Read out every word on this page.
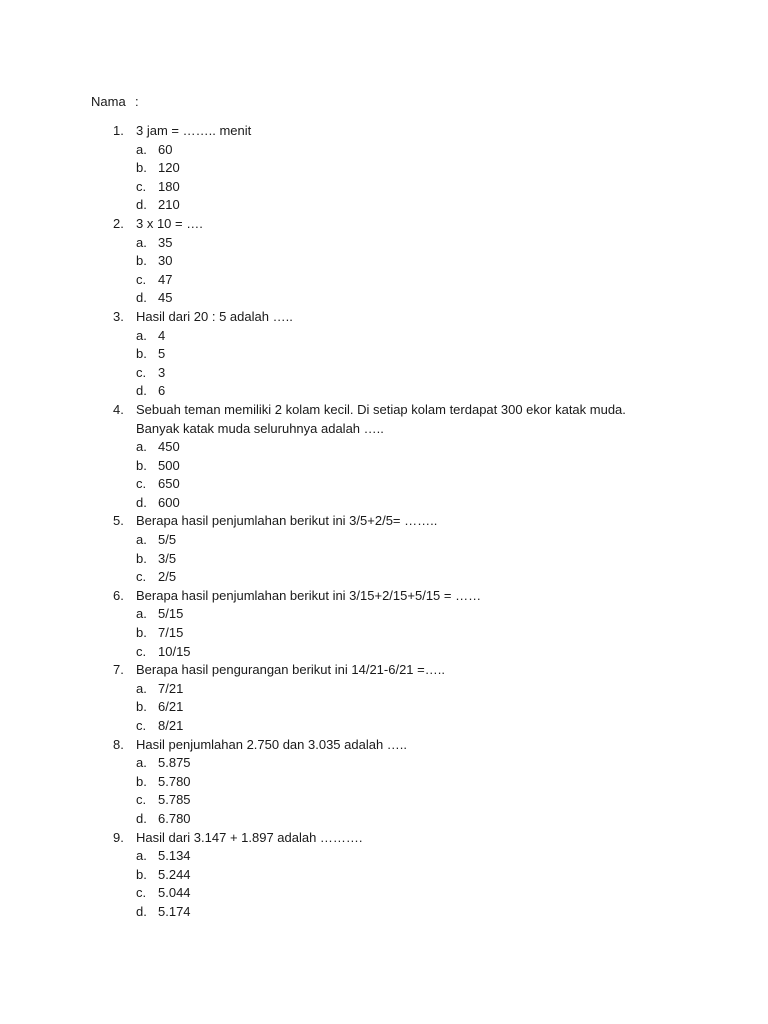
Nama :
1. 3 jam = …….. menit
a. 60
b. 120
c. 180
d. 210
2. 3 x 10 = ….
a. 35
b. 30
c. 47
d. 45
3. Hasil dari 20 : 5 adalah …..
a. 4
b. 5
c. 3
d. 6
4. Sebuah teman memiliki 2 kolam kecil. Di setiap kolam terdapat 300 ekor katak muda. Banyak katak muda seluruhnya adalah …..
a. 450
b. 500
c. 650
d. 600
5. Berapa hasil penjumlahan berikut ini 3/5+2/5= ……..
a. 5/5
b. 3/5
c. 2/5
6. Berapa hasil penjumlahan berikut ini 3/15+2/15+5/15 = ……
a. 5/15
b. 7/15
c. 10/15
7. Berapa hasil pengurangan berikut ini 14/21-6/21 =…..
a. 7/21
b. 6/21
c. 8/21
8. Hasil penjumlahan 2.750 dan 3.035 adalah …..
a. 5.875
b. 5.780
c. 5.785
d. 6.780
9. Hasil dari 3.147 + 1.897 adalah ……….
a. 5.134
b. 5.244
c. 5.044
d. 5.174
